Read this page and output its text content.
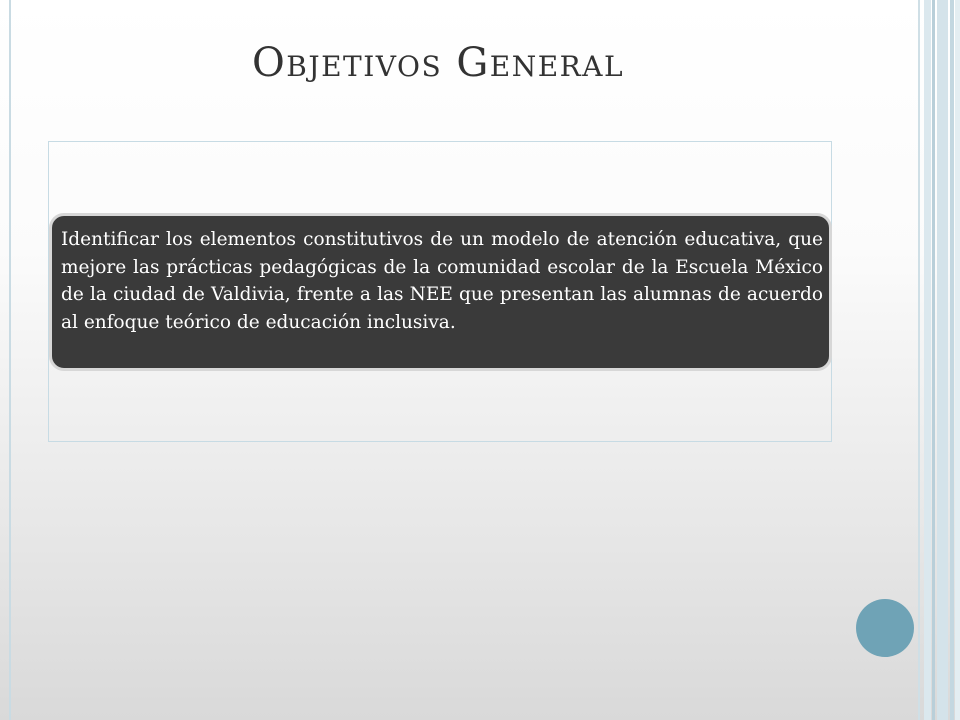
Objetivos General

Identificar los elementos constitutivos de un modelo de atención educativa, que mejore las prácticas pedagógicas de la comunidad escolar de la Escuela México de la ciudad de Valdivia, frente a las NEE que presentan las alumnas de acuerdo al enfoque teórico de educación inclusiva.
